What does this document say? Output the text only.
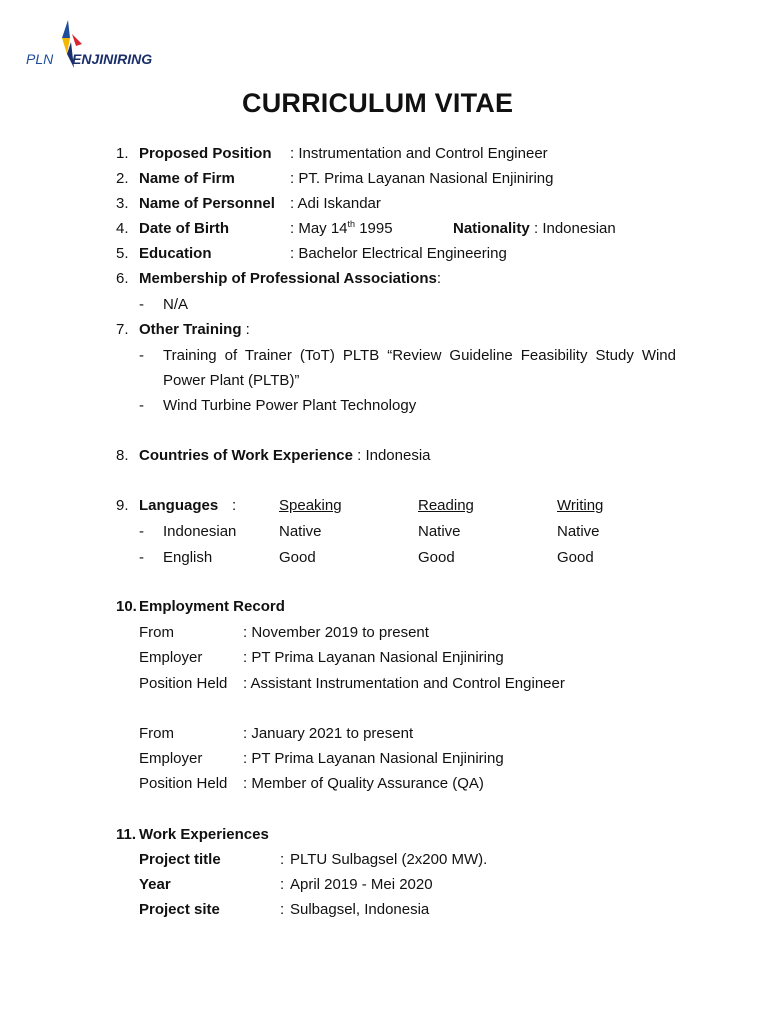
PLN ENJINIRING
CURRICULUM VITAE
1. Proposed Position : Instrumentation and Control Engineer
2. Name of Firm	: PT. Prima Layanan Nasional Enjiniring
3. Name of Personnel : Adi Iskandar
4. Date of Birth	: May 14th 1995	Nationality : Indonesian
5. Education	: Bachelor Electrical Engineering
6. Membership of Professional Associations:
- N/A
7. Other Training :
- Training of Trainer (ToT) PLTB “Review Guideline Feasibility Study Wind
Power Plant (PLTB)”
- Wind Turbine Power Plant Technology
8. Countries of Work Experience : Indonesia
9. Languages :	Speaking	Reading	Writing
- Indonesian	Native	Native	Native
- English	Good	Good	Good
10. Employment Record
From	: November 2019 to present
Employer	: PT Prima Layanan Nasional Enjiniring
Position Held : Assistant Instrumentation and Control Engineer
From	: January 2021 to present
Employer	: PT Prima Layanan Nasional Enjiniring
Position Held : Member of Quality Assurance (QA)
11. Work Experiences
Project title	: PLTU Sulbagsel (2x200 MW).
Year	: April 2019 - Mei 2020
Project site	: Sulbagsel, Indonesia
